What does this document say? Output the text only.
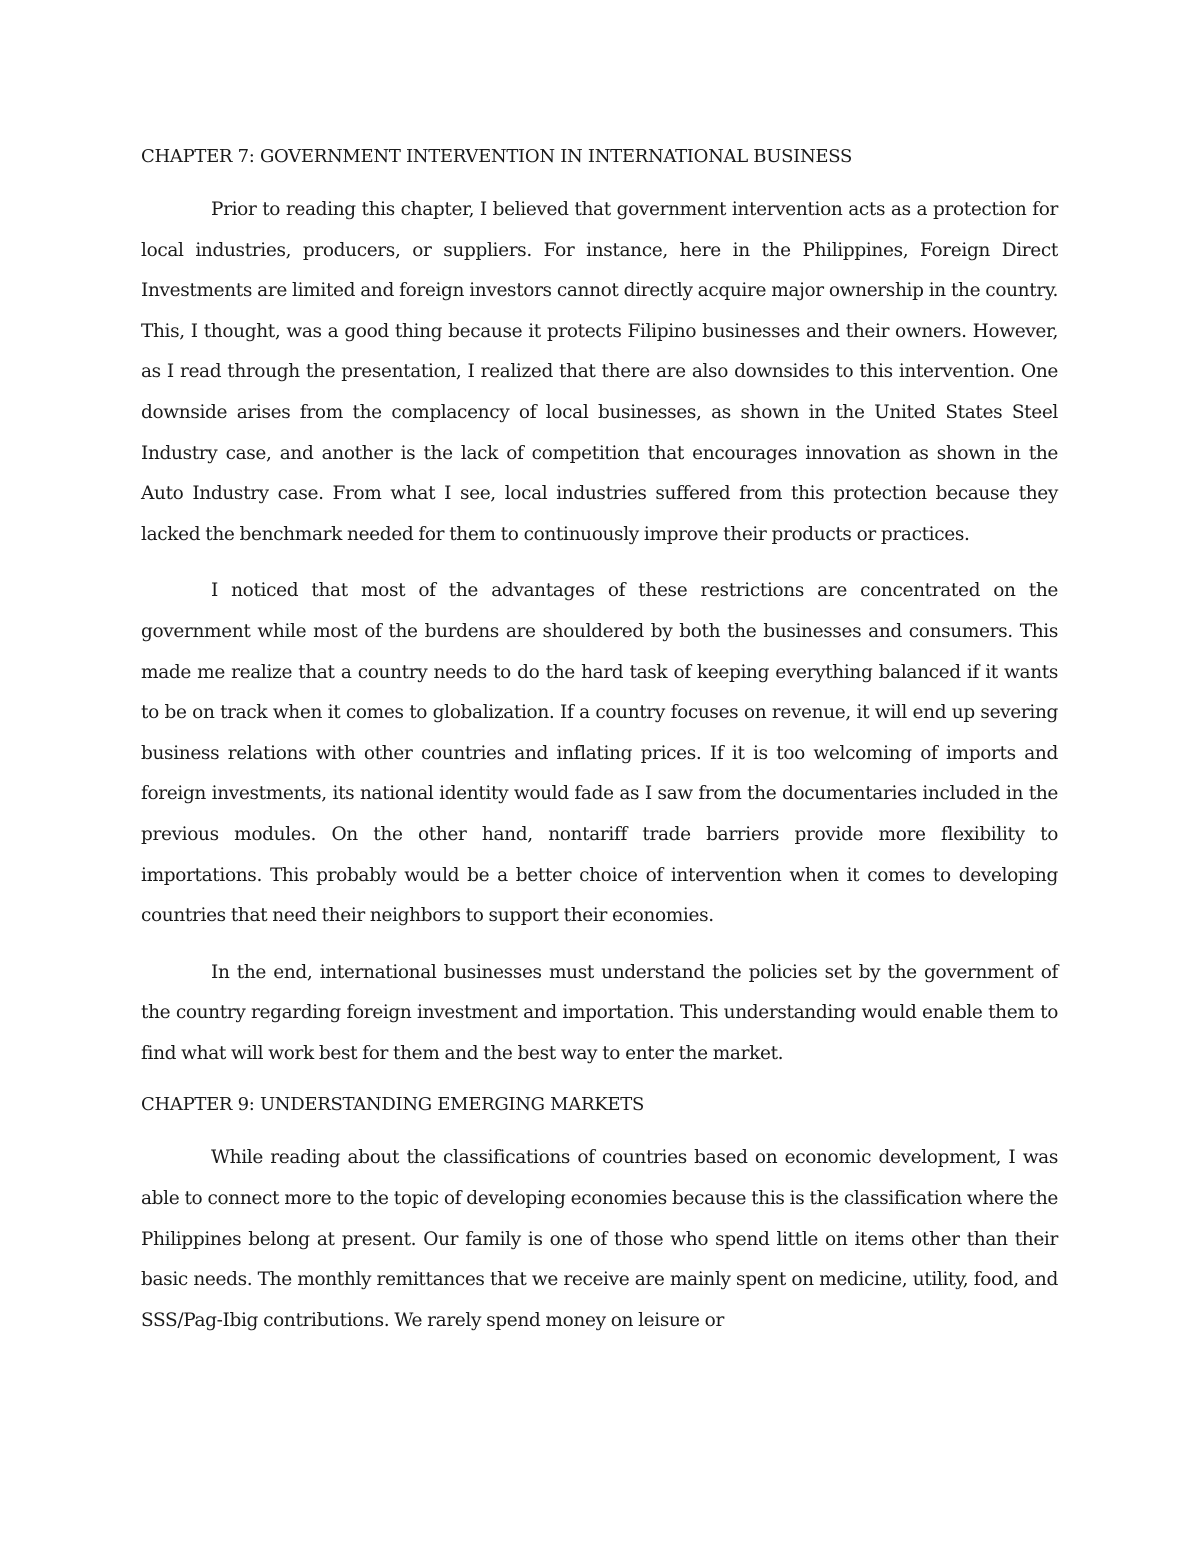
CHAPTER 7: GOVERNMENT INTERVENTION IN INTERNATIONAL BUSINESS

Prior to reading this chapter, I believed that government intervention acts as a protection for local industries, producers, or suppliers. For instance, here in the Philippines, Foreign Direct Investments are limited and foreign investors cannot directly acquire major ownership in the country. This, I thought, was a good thing because it protects Filipino businesses and their owners. However, as I read through the presentation, I realized that there are also downsides to this intervention. One downside arises from the complacency of local businesses, as shown in the United States Steel Industry case, and another is the lack of competition that encourages innovation as shown in the Auto Industry case. From what I see, local industries suffered from this protection because they lacked the benchmark needed for them to continuously improve their products or practices.

I noticed that most of the advantages of these restrictions are concentrated on the government while most of the burdens are shouldered by both the businesses and consumers. This made me realize that a country needs to do the hard task of keeping everything balanced if it wants to be on track when it comes to globalization. If a country focuses on revenue, it will end up severing business relations with other countries and inflating prices. If it is too welcoming of imports and foreign investments, its national identity would fade as I saw from the documentaries included in the previous modules. On the other hand, nontariff trade barriers provide more flexibility to importations. This probably would be a better choice of intervention when it comes to developing countries that need their neighbors to support their economies.

In the end, international businesses must understand the policies set by the government of the country regarding foreign investment and importation. This understanding would enable them to find what will work best for them and the best way to enter the market.

CHAPTER 9: UNDERSTANDING EMERGING MARKETS

While reading about the classifications of countries based on economic development, I was able to connect more to the topic of developing economies because this is the classification where the Philippines belong at present. Our family is one of those who spend little on items other than their basic needs. The monthly remittances that we receive are mainly spent on medicine, utility, food, and SSS/Pag-Ibig contributions. We rarely spend money on leisure or
